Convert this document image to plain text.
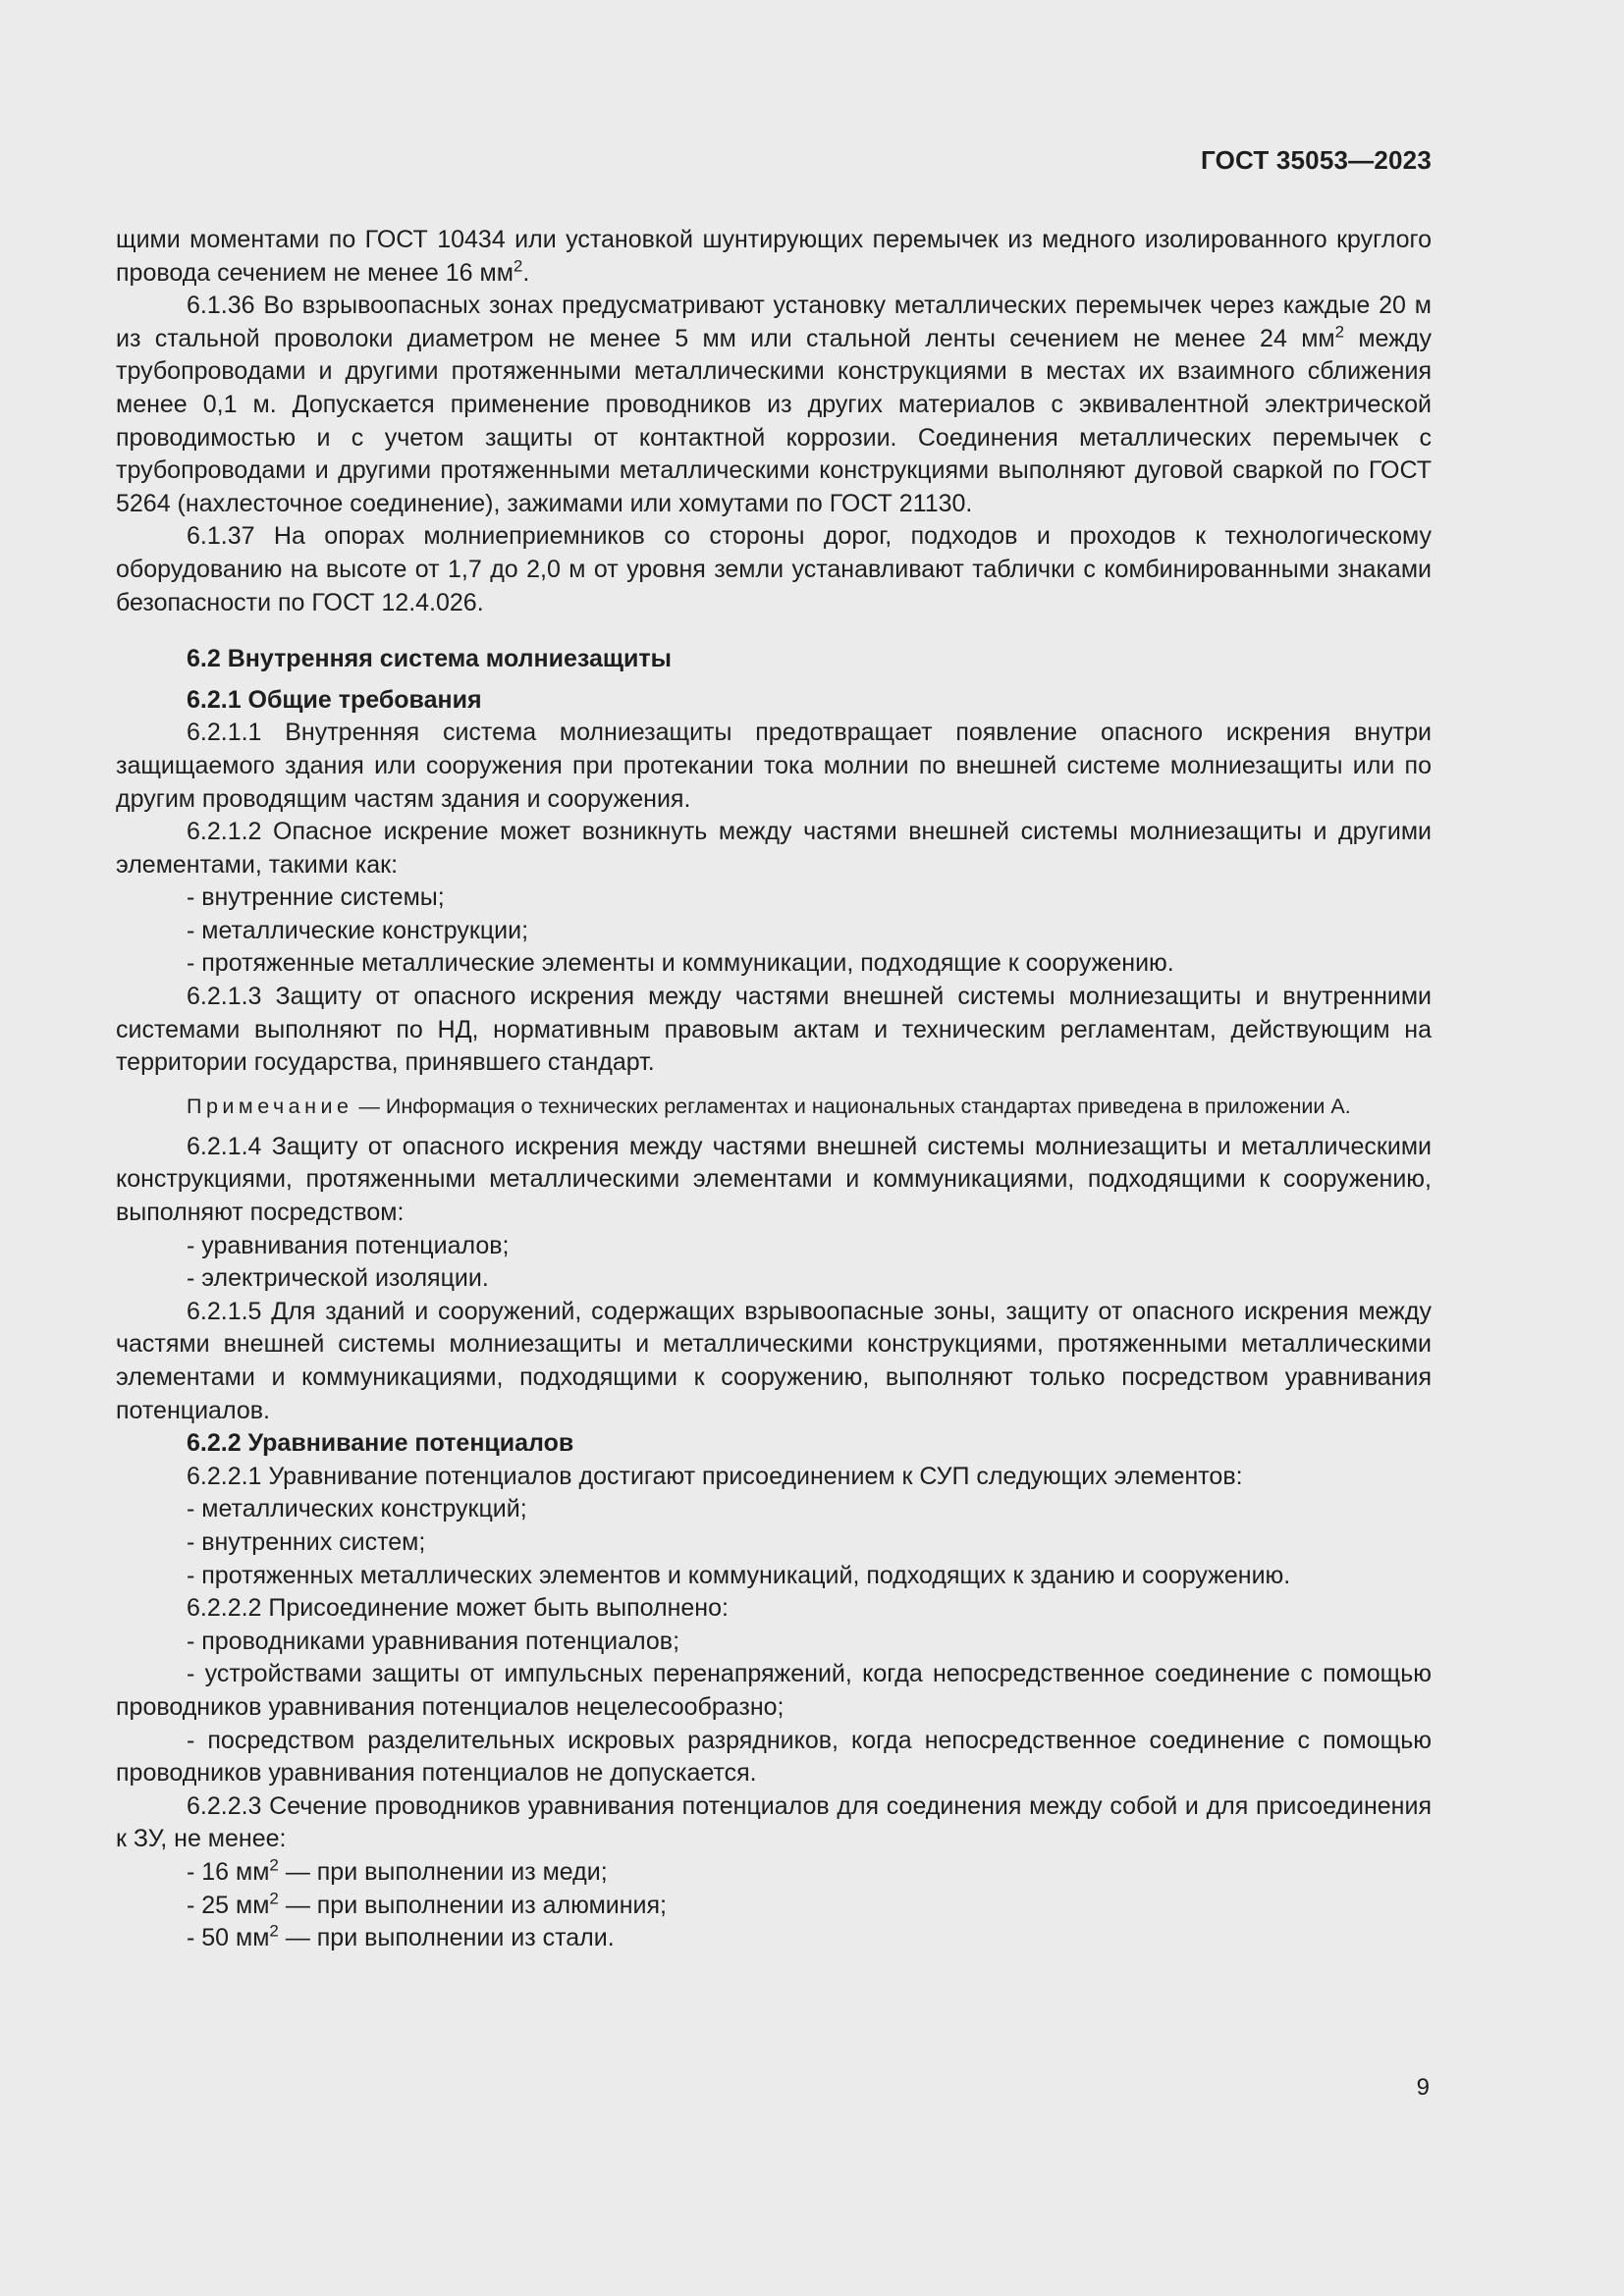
ГОСТ 35053—2023

щими моментами по ГОСТ 10434 или установкой шунтирующих перемычек из медного изолированного круглого провода сечением не менее 16 $мм^2$.

6.1.36 Во взрывоопасных зонах предусматривают установку металлических перемычек через каждые 20 м из стальной проволоки диаметром не менее 5 мм или стальной ленты сечением не менее 24 $мм^2$ между трубопроводами и другими протяженными металлическими конструкциями в местах их взаимного сближения менее 0,1 м. Допускается применение проводников из других материалов с эквивалентной электрической проводимостью и с учетом защиты от контактной коррозии. Соединения металлических перемычек с трубопроводами и другими протяженными металлическими конструкциями выполняют дуговой сваркой по ГОСТ 5264 (нахлесточное соединение), зажимами или хомутами по ГОСТ 21130.

6.1.37 На опорах молниеприемников со стороны дорог, подходов и проходов к технологическому оборудованию на высоте от 1,7 до 2,0 м от уровня земли устанавливают таблички с комбинированными знаками безопасности по ГОСТ 12.4.026.

6.2 Внутренняя система молниезащиты
6.2.1 Общие требования

6.2.1.1 Внутренняя система молниезащиты предотвращает появление опасного искрения внутри защищаемого здания или сооружения при протекании тока молнии по внешней системе молниезащиты или по другим проводящим частям здания и сооружения.

6.2.1.2 Опасное искрение может возникнуть между частями внешней системы молниезащиты и другими элементами, такими как:

- внутренние системы;
- металлические конструкции;
- протяженные металлические элементы и коммуникации, подходящие к сооружению.

6.2.1.3 Защиту от опасного искрения между частями внешней системы молниезащиты и внутренними системами выполняют по НД, нормативным правовым актам и техническим регламентам, действующим на территории государства, принявшего стандарт.

Примечание — Информация о технических регламентах и национальных стандартах приведена в приложении А.

6.2.1.4 Защиту от опасного искрения между частями внешней системы молниезащиты и металлическими конструкциями, протяженными металлическими элементами и коммуникациями, подходящими к сооружению, выполняют посредством:

- уравнивания потенциалов;
- электрической изоляции.

6.2.1.5 Для зданий и сооружений, содержащих взрывоопасные зоны, защиту от опасного искрения между частями внешней системы молниезащиты и металлическими конструкциями, протяженными металлическими элементами и коммуникациями, подходящими к сооружению, выполняют только посредством уравнивания потенциалов.

6.2.2 Уравнивание потенциалов

6.2.2.1 Уравнивание потенциалов достигают присоединением к СУП следующих элементов:

- металлических конструкций;
- внутренних систем;
- протяженных металлических элементов и коммуникаций, подходящих к зданию и сооружению.

6.2.2.2 Присоединение может быть выполнено:

- проводниками уравнивания потенциалов;

- устройствами защиты от импульсных перенапряжений, когда непосредственное соединение с помощью проводников уравнивания потенциалов нецелесообразно;

- посредством разделительных искровых разрядников, когда непосредственное соединение с помощью проводников уравнивания потенциалов не допускается.

6.2.2.3 Сечение проводников уравнивания потенциалов для соединения между собой и для присоединения к ЗУ, не менее:

- 16 $мм^2$ — при выполнении из меди;
- 25 $мм^2$ — при выполнении из алюминия;
- 50 $мм^2$ — при выполнении из стали.
9
